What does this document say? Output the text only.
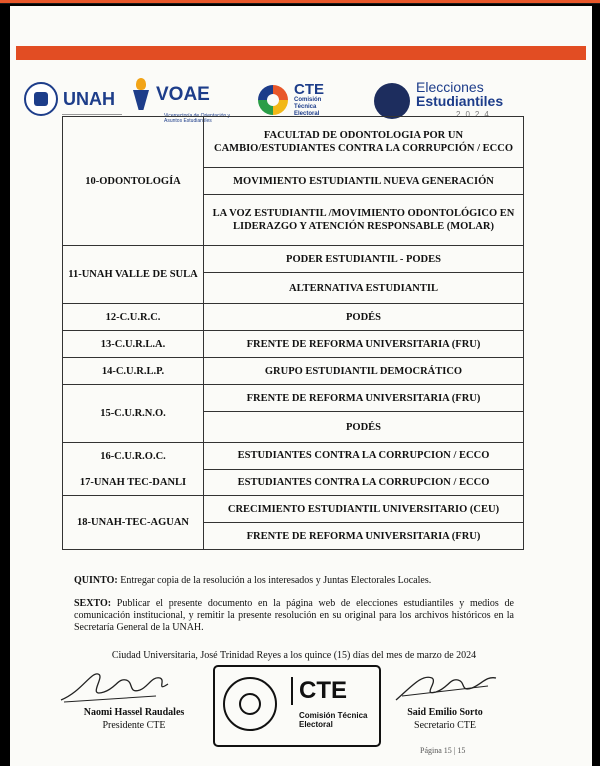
UNAH VOAE
Vicerrectoría de Orientación y Asuntos Estudiantiles
CTE
Comisión Técnica Electoral
Elecciones
Estudiantiles
2024
10-ODONTOLOGÍA	FACULTAD DE ODONTOLOGIA POR UN CAMBIO/ESTUDIANTES CONTRA LA CORRUPCIÓN / ECCO
	MOVIMIENTO ESTUDIANTIL NUEVA GENERACIÓN
	LA VOZ ESTUDIANTIL /MOVIMIENTO ODONTOLÓGICO EN LIDERAZGO Y ATENCIÓN RESPONSABLE (MOLAR)
11-UNAH VALLE DE SULA	PODER ESTUDIANTIL - PODES
	ALTERNATIVA ESTUDIANTIL
12-C.U.R.C.	PODÉS
13-C.U.R.L.A.	FRENTE DE REFORMA UNIVERSITARIA (FRU)
14-C.U.R.L.P.	GRUPO ESTUDIANTIL DEMOCRÁTICO
15-C.U.R.N.O.	FRENTE DE REFORMA UNIVERSITARIA (FRU)
	PODÉS
16-C.U.R.O.C.	ESTUDIANTES CONTRA LA CORRUPCION / ECCO
17-UNAH TEC-DANLI	ESTUDIANTES CONTRA LA CORRUPCION / ECCO
18-UNAH-TEC-AGUAN	CRECIMIENTO ESTUDIANTIL UNIVERSITARIO (CEU)
	FRENTE DE REFORMA UNIVERSITARIA (FRU)
QUINTO: Entregar copia de la resolución a los interesados y Juntas Electorales Locales.
SEXTO: Publicar el presente documento en la página web de elecciones estudiantiles y medios de comunicación institucional, y remitir la presente resolución en su original para los archivos históricos en la Secretaría General de la UNAH.
Ciudad Universitaria, José Trinidad Reyes a los quince (15) días del mes de marzo de 2024
Naomi Hassel Raudales
Presidente CTE
CTE
Comisión Técnica
Electoral
Said Emilio Sorto
Secretario CTE
Página 15 | 15
